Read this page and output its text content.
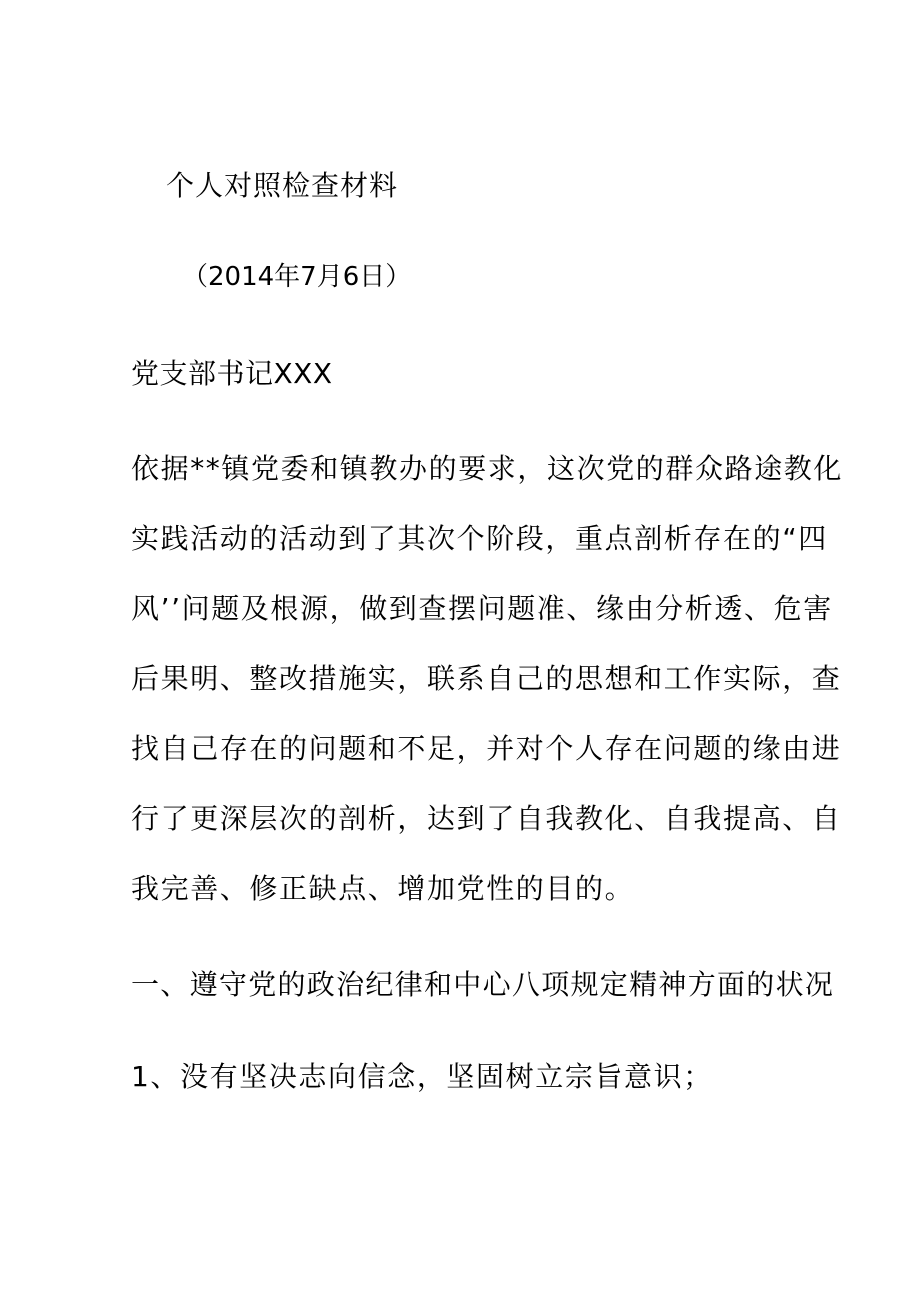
个人对照检查材料
（2014年7月6日）
党支部书记XXX
依据**镇党委和镇教办的要求，这次党的群众路途教化
实践活动的活动到了其次个阶段，重点剖析存在的“四
风’’问题及根源，做到查摆问题准、缘由分析透、危害
后果明、整改措施实，联系自己的思想和工作实际，查
找自己存在的问题和不足，并对个人存在问题的缘由进
行了更深层次的剖析，达到了自我教化、自我提高、自
我完善、修正缺点、增加党性的目的。
一、遵守党的政治纪律和中心八项规定精神方面的状况
1、没有坚决志向信念，坚固树立宗旨意识；
